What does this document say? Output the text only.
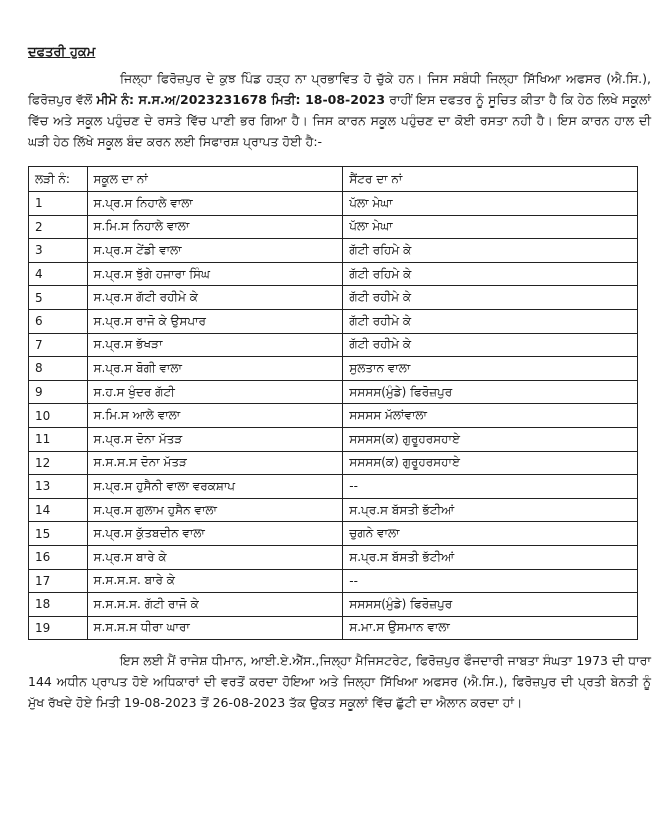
ਦਫਤਰੀ ਹੁਕਮ

ਜਿਲ੍ਹਾ ਫਿਰੋਜ਼ਪੁਰ ਦੇ ਕੁਝ ਪਿੰਡ ਹੜ੍ਹ ਨਾ ਪ੍ਰਭਾਵਿਤ ਹੋ ਚੁੱਕੇ ਹਨ। ਜਿਸ ਸਬੰਧੀ ਜਿਲ੍ਹਾ ਸਿੱਖਿਆ ਅਫਸਰ (ਐ.ਸਿ.), ਫਿਰੋਜ਼ਪੁਰ ਵੱਲੋਂ ਮੀਮੋ ਨੰ: ਸ.ਸ.ਅ/2023231678 ਮਿਤੀ: 18-08-2023 ਰਾਹੀਂ ਇਸ ਦਫਤਰ ਨੂੰ ਸੂਚਿਤ ਕੀਤਾ ਹੈ ਕਿ ਹੇਠ ਲਿਖੇ ਸਕੂਲਾਂ ਵਿੱਚ ਅਤੇ ਸਕੂਲ ਪਹੁੰਚਣ ਦੇ ਰਸਤੇ ਵਿੱਚ ਪਾਣੀ ਭਰ ਗਿਆ ਹੈ। ਜਿਸ ਕਾਰਨ ਸਕੂਲ ਪਹੁੰਚਣ ਦਾ ਕੋਈ ਰਸਤਾ ਨਹੀ ਹੈ। ਇਸ ਕਾਰਨ ਹਾਲ ਦੀ ਘੜੀ ਹੇਠ ਲਿੱਖੇ ਸਕੂਲ ਬੰਦ ਕਰਨ ਲਈ ਸਿਫਾਰਸ਼ ਪ੍ਰਾਪਤ ਹੋਈ ਹੈ:-

ਲੜੀ ਨੰ:	ਸਕੂਲ ਦਾ ਨਾਂ	ਸੈਂਟਰ ਦਾ ਨਾਂ
1	ਸ.ਪ੍ਰ.ਸ ਨਿਹਾਲੇ ਵਾਲਾ	ਪੱਲਾ ਮੇਘਾ
2	ਸ.ਮਿ.ਸ ਨਿਹਾਲੇ ਵਾਲਾ	ਪੱਲਾ ਮੇਘਾ
3	ਸ.ਪ੍ਰ.ਸ ਟੇਂਡੀ ਵਾਲਾ	ਗੱਟੀ ਰਹਿਮੇ ਕੇ
4	ਸ.ਪ੍ਰ.ਸ ਝੁੱਗੇ ਹਜਾਰਾ ਸਿੰਘ	ਗੱਟੀ ਰਹਿਮੇ ਕੇ
5	ਸ.ਪ੍ਰ.ਸ ਗੱਟੀ ਰਹੀਮੇ ਕੇ	ਗੱਟੀ ਰਹੀਮੇ ਕੇ
6	ਸ.ਪ੍ਰ.ਸ ਰਾਜੋ ਕੇ ਉਸਪਾਰ	ਗੱਟੀ ਰਹੀਮੇ ਕੇ
7	ਸ.ਪ੍ਰ.ਸ ਭੱਖੜਾ	ਗੱਟੀ ਰਹੀਮੇ ਕੇ
8	ਸ.ਪ੍ਰ.ਸ ਬੋਗੀ ਵਾਲਾ	ਸੁਲਤਾਨ ਵਾਲਾ
9	ਸ.ਹ.ਸ ਖੁੰਦਰ ਗੱਟੀ	ਸਸਸਸ(ਮੁੰਡੇ) ਫਿਰੋਜ਼ਪੁਰ
10	ਸ.ਮਿ.ਸ ਆਲੇ ਵਾਲਾ	ਸਸਸਸ ਮੱਲਾਂਵਾਲਾ
11	ਸ.ਪ੍ਰ.ਸ ਦੋਨਾ ਮੱਤੜ	ਸਸਸਸ(ਕ) ਗੁਰੂਹਰਸਹਾਏ
12	ਸ.ਸ.ਸ.ਸ ਦੋਨਾ ਮੱਤੜ	ਸਸਸਸ(ਕ) ਗੁਰੂਹਰਸਹਾਏ
13	ਸ.ਪ੍ਰ.ਸ ਹੁਸੈਨੀ ਵਾਲਾ ਵਰਕਸ਼ਾਪ	--
14	ਸ.ਪ੍ਰ.ਸ ਗੁਲਾਮ ਹੁਸੈਨ ਵਾਲਾ	ਸ.ਪ੍ਰ.ਸ ਬੱਸਤੀ ਭੱਟੀਆਂ
15	ਸ.ਪ੍ਰ.ਸ ਕੁੱਤਬਦੀਨ ਵਾਲਾ	ਚੁਗਨੇ ਵਾਲਾ
16	ਸ.ਪ੍ਰ.ਸ ਬਾਰੇ ਕੇ	ਸ.ਪ੍ਰ.ਸ ਬੱਸਤੀ ਭੱਟੀਆਂ
17	ਸ.ਸ.ਸ.ਸ. ਬਾਰੇ ਕੇ	--
18	ਸ.ਸ.ਸ.ਸ. ਗੱਟੀ ਰਾਜੋ ਕੇ	ਸਸਸਸ(ਮੁੰਡੇ) ਫਿਰੋਜ਼ਪੁਰ
19	ਸ.ਸ.ਸ.ਸ ਧੀਰਾ ਘਾਰਾ	ਸ.ਮਾ.ਸ ਉਸਮਾਨ ਵਾਲਾ

ਇਸ ਲਈ ਮੈਂ ਰਾਜੇਸ਼ ਧੀਮਾਨ, ਆਈ.ਏ.ਐੱਸ.,ਜਿਲ੍ਹਾ ਮੈਜਿਸਟਰੇਟ, ਫਿਰੋਜ਼ਪੁਰ ਫੌਜਦਾਰੀ ਜਾਬਤਾ ਸੰਘਤਾ 1973 ਦੀ ਧਾਰਾ 144 ਅਧੀਨ ਪ੍ਰਾਪਤ ਹੋਏ ਅਧਿਕਾਰਾਂ ਦੀ ਵਰਤੋਂ ਕਰਦਾ ਹੋਇਆ ਅਤੇ ਜਿਲ੍ਹਾ ਸਿੱਖਿਆ ਅਫਸਰ (ਐ.ਸਿ.), ਫਿਰੋਜ਼ਪੁਰ ਦੀ ਪ੍ਰਤੀ ਬੇਨਤੀ ਨੂੰ ਮੁੱਖ ਰੱਖਦੇ ਹੋਏ ਮਿਤੀ 19-08-2023 ਤੋਂ 26-08-2023 ਤੱਕ ਉਕਤ ਸਕੂਲਾਂ ਵਿੱਚ ਛੁੱਟੀ ਦਾ ਐਲਾਨ ਕਰਦਾ ਹਾਂ।
